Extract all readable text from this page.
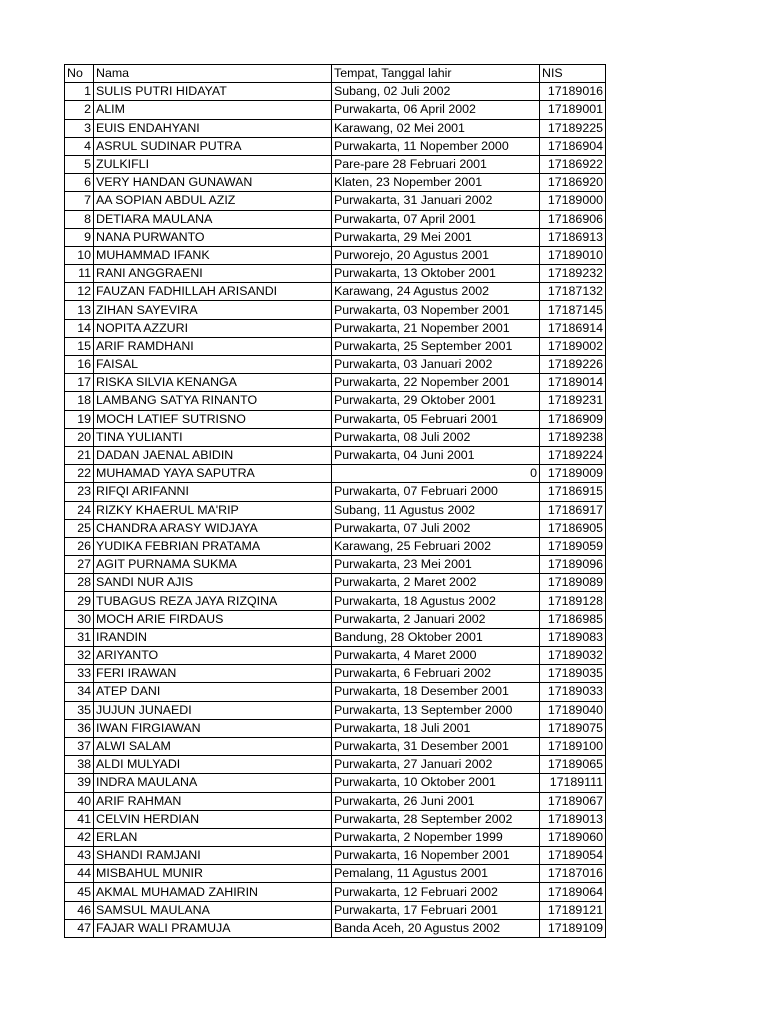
No	Nama	Tempat, Tanggal lahir	NIS
1	SULIS PUTRI HIDAYAT	Subang, 02 Juli 2002	17189016
2	ALIM	Purwakarta, 06 April 2002	17189001
3	EUIS ENDAHYANI	Karawang, 02 Mei 2001	17189225
4	ASRUL SUDINAR PUTRA	Purwakarta, 11 Nopember 2000	17186904
5	ZULKIFLI	Pare-pare 28 Februari 2001	17186922
6	VERY HANDAN GUNAWAN	Klaten, 23 Nopember 2001	17186920
7	AA SOPIAN ABDUL AZIZ	Purwakarta, 31 Januari 2002	17189000
8	DETIARA MAULANA	Purwakarta, 07 April 2001	17186906
9	NANA PURWANTO	Purwakarta, 29 Mei 2001	17186913
10	MUHAMMAD IFANK	Purworejo, 20 Agustus 2001	17189010
11	RANI ANGGRAENI	Purwakarta, 13 Oktober 2001	17189232
12	FAUZAN FADHILLAH ARISANDI	Karawang, 24 Agustus 2002	17187132
13	ZIHAN SAYEVIRA	Purwakarta, 03 Nopember 2001	17187145
14	NOPITA AZZURI	Purwakarta, 21 Nopember 2001	17186914
15	ARIF RAMDHANI	Purwakarta, 25 September 2001	17189002
16	FAISAL	Purwakarta, 03 Januari 2002	17189226
17	RISKA SILVIA KENANGA	Purwakarta, 22 Nopember 2001	17189014
18	LAMBANG SATYA RINANTO	Purwakarta, 29 Oktober 2001	17189231
19	MOCH LATIEF SUTRISNO	Purwakarta, 05 Februari 2001	17186909
20	TINA YULIANTI	Purwakarta, 08 Juli 2002	17189238
21	DADAN JAENAL ABIDIN	Purwakarta, 04 Juni 2001	17189224
22	MUHAMAD YAYA SAPUTRA	0	17189009
23	RIFQI ARIFANNI	Purwakarta, 07 Februari 2000	17186915
24	RIZKY KHAERUL MA'RIP	Subang, 11 Agustus 2002	17186917
25	CHANDRA ARASY WIDJAYA	Purwakarta, 07 Juli 2002	17186905
26	YUDIKA FEBRIAN PRATAMA	Karawang, 25 Februari 2002	17189059
27	AGIT PURNAMA SUKMA	Purwakarta, 23 Mei 2001	17189096
28	SANDI NUR AJIS	Purwakarta, 2 Maret 2002	17189089
29	TUBAGUS REZA JAYA RIZQINA	Purwakarta, 18 Agustus 2002	17189128
30	MOCH ARIE FIRDAUS	Purwakarta, 2 Januari 2002	17186985
31	IRANDIN	Bandung, 28 Oktober 2001	17189083
32	ARIYANTO	Purwakarta, 4 Maret 2000	17189032
33	FERI IRAWAN	Purwakarta, 6 Februari 2002	17189035
34	ATEP DANI	Purwakarta, 18 Desember 2001	17189033
35	JUJUN JUNAEDI	Purwakarta, 13 September 2000	17189040
36	IWAN FIRGIAWAN	Purwakarta, 18 Juli 2001	17189075
37	ALWI SALAM	Purwakarta, 31 Desember 2001	17189100
38	ALDI MULYADI	Purwakarta, 27 Januari 2002	17189065
39	INDRA MAULANA	Purwakarta, 10 Oktober 2001	17189111
40	ARIF RAHMAN	Purwakarta, 26 Juni 2001	17189067
41	CELVIN HERDIAN	Purwakarta, 28 September 2002	17189013
42	ERLAN	Purwakarta, 2 Nopember 1999	17189060
43	SHANDI RAMJANI	Purwakarta, 16 Nopember 2001	17189054
44	MISBAHUL MUNIR	Pemalang, 11 Agustus 2001	17187016
45	AKMAL MUHAMAD ZAHIRIN	Purwakarta, 12 Februari 2002	17189064
46	SAMSUL MAULANA	Purwakarta, 17 Februari 2001	17189121
47	FAJAR WALI PRAMUJA	Banda Aceh, 20 Agustus 2002	17189109
